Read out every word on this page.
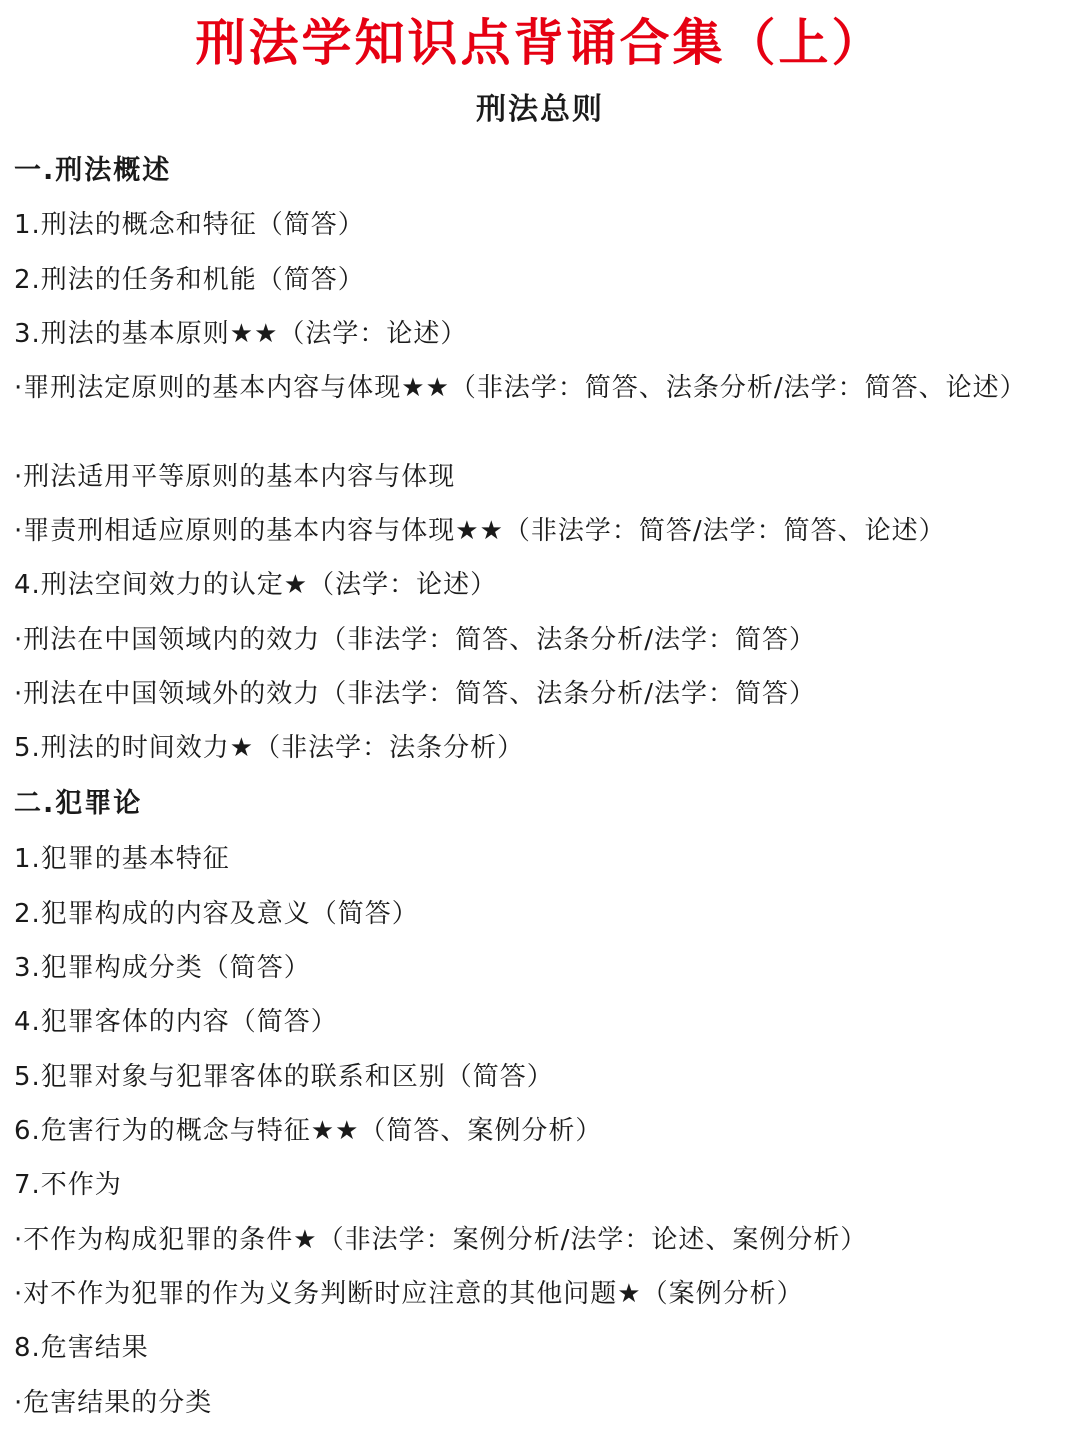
刑法学知识点背诵合集（上）
刑法总则

一.刑法概述

1.刑法的概念和特征（简答）

2.刑法的任务和机能（简答）

3.刑法的基本原则★★（法学：论述）

·罪刑法定原则的基本内容与体现★★（非法学：简答、法条分析/法学：简答、论述）

·刑法适用平等原则的基本内容与体现

·罪责刑相适应原则的基本内容与体现★★（非法学：简答/法学：简答、论述）

4.刑法空间效力的认定★（法学：论述）

·刑法在中国领域内的效力（非法学：简答、法条分析/法学：简答）

·刑法在中国领域外的效力（非法学：简答、法条分析/法学：简答）

5.刑法的时间效力★（非法学：法条分析）

二.犯罪论

1.犯罪的基本特征

2.犯罪构成的内容及意义（简答）

3.犯罪构成分类（简答）

4.犯罪客体的内容（简答）

5.犯罪对象与犯罪客体的联系和区别（简答）

6.危害行为的概念与特征★★（简答、案例分析）

7.不作为

·不作为构成犯罪的条件★（非法学：案例分析/法学：论述、案例分析）

·对不作为犯罪的作为义务判断时应注意的其他问题★（案例分析）

8.危害结果

·危害结果的分类
